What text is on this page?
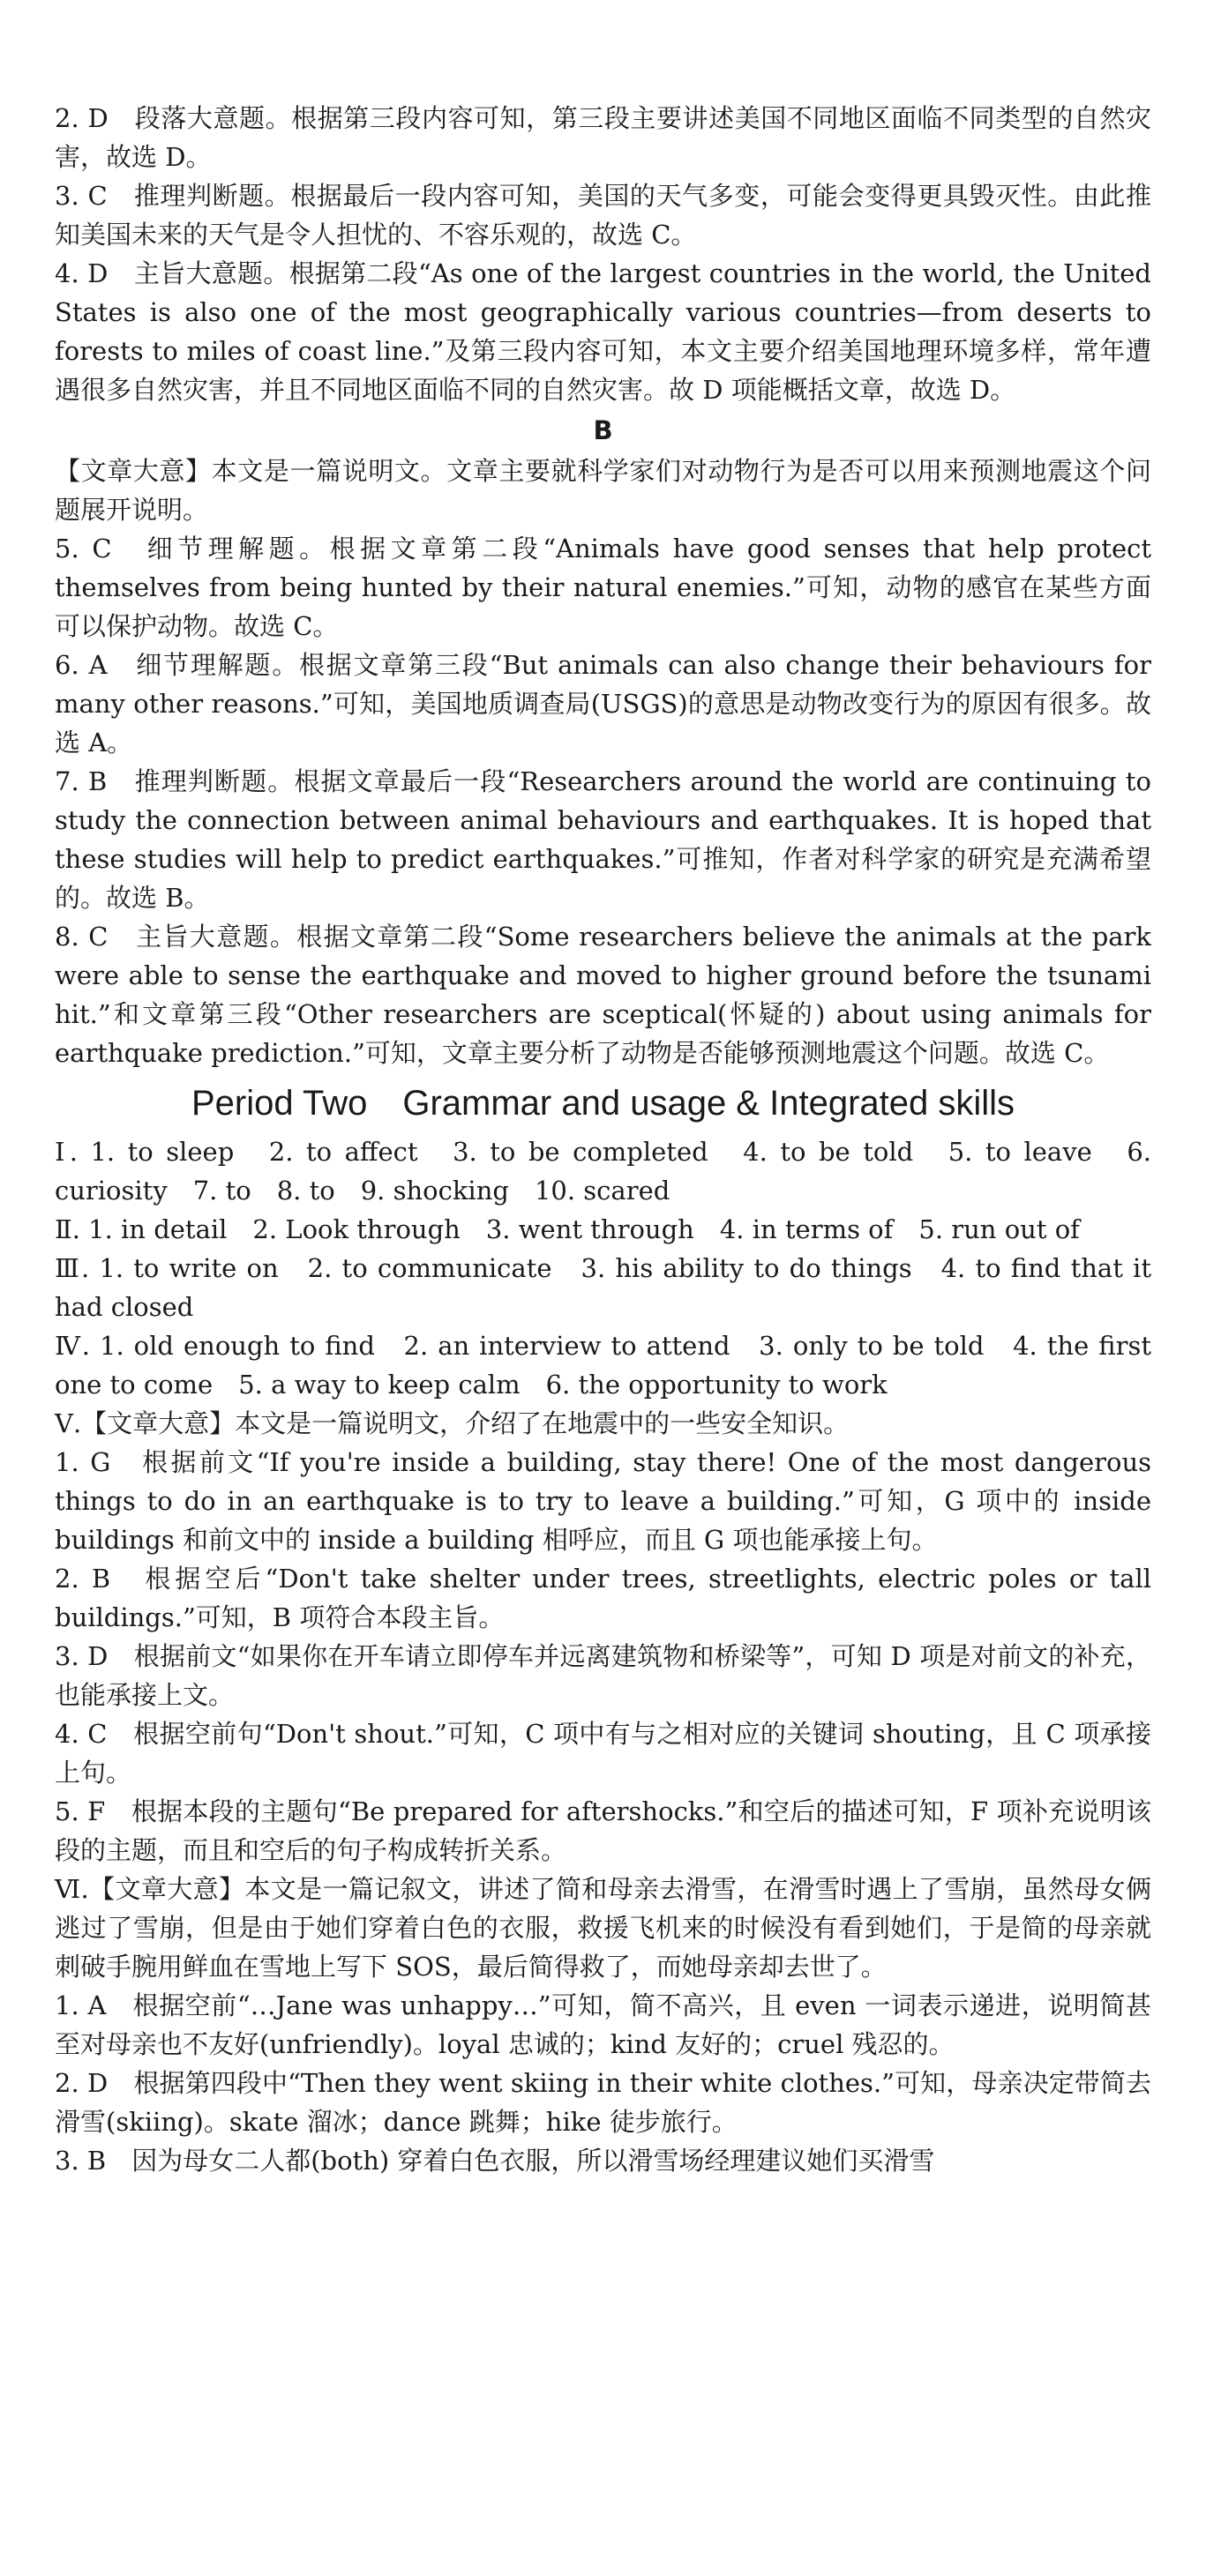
2. D　段落大意题。根据第三段内容可知，第三段主要讲述美国不同地区面临不同类型的自然灾害，故选 D。

3. C　推理判断题。根据最后一段内容可知，美国的天气多变，可能会变得更具毁灭性。由此推知美国未来的天气是令人担忧的、不容乐观的，故选 C。

4. D　主旨大意题。根据第二段“As one of the largest countries in the world, the United States is also one of the most geographically various countries—from deserts to forests to miles of coast line.”及第三段内容可知，本文主要介绍美国地理环境多样，常年遭遇很多自然灾害，并且不同地区面临不同的自然灾害。故 D 项能概括文章，故选 D。

B

【文章大意】本文是一篇说明文。文章主要就科学家们对动物行为是否可以用来预测地震这个问题展开说明。

5. C　细节理解题。根据文章第二段“Animals have good senses that help protect themselves from being hunted by their natural enemies.”可知，动物的感官在某些方面可以保护动物。故选 C。

6. A　细节理解题。根据文章第三段“But animals can also change their behaviours for many other reasons.”可知，美国地质调查局(USGS)的意思是动物改变行为的原因有很多。故选 A。

7. B　推理判断题。根据文章最后一段“Researchers around the world are continuing to study the connection between animal behaviours and earthquakes. It is hoped that these studies will help to predict earthquakes.”可推知，作者对科学家的研究是充满希望的。故选 B。

8. C　主旨大意题。根据文章第二段“Some researchers believe the animals at the park were able to sense the earthquake and moved to higher ground before the tsunami hit.”和文章第三段“Other researchers are sceptical(怀疑的) about using animals for earthquake prediction.”可知，文章主要分析了动物是否能够预测地震这个问题。故选 C。

Period Two　Grammar and usage & Integrated skills

Ⅰ. 1. to sleep　2. to affect　3. to be completed　4. to be told　5. to leave　6. curiosity　7. to　8. to　9. shocking　10. scared

Ⅱ. 1. in detail　2. Look through　3. went through　4. in terms of　5. run out of

Ⅲ. 1. to write on　2. to communicate　3. his ability to do things　4. to find that it had closed

Ⅳ. 1. old enough to find　2. an interview to attend　3. only to be told　4. the first one to come　5. a way to keep calm　6. the opportunity to work

Ⅴ.【文章大意】本文是一篇说明文，介绍了在地震中的一些安全知识。

1. G　根据前文“If you're inside a building, stay there! One of the most dangerous things to do in an earthquake is to try to leave a building.”可知，G 项中的 inside buildings 和前文中的 inside a building 相呼应，而且 G 项也能承接上句。

2. B　根据空后“Don't take shelter under trees, streetlights, electric poles or tall buildings.”可知，B 项符合本段主旨。

3. D　根据前文“如果你在开车请立即停车并远离建筑物和桥梁等”，可知 D 项是对前文的补充，也能承接上文。

4. C　根据空前句“Don't shout.”可知，C 项中有与之相对应的关键词 shouting，且 C 项承接上句。

5. F　根据本段的主题句“Be prepared for aftershocks.”和空后的描述可知，F 项补充说明该段的主题，而且和空后的句子构成转折关系。

Ⅵ.【文章大意】本文是一篇记叙文，讲述了简和母亲去滑雪，在滑雪时遇上了雪崩，虽然母女俩逃过了雪崩，但是由于她们穿着白色的衣服，救援飞机来的时候没有看到她们，于是简的母亲就刺破手腕用鲜血在雪地上写下 SOS，最后简得救了，而她母亲却去世了。

1. A　根据空前“…Jane was unhappy…”可知，简不高兴，且 even 一词表示递进，说明简甚至对母亲也不友好(unfriendly)。loyal 忠诚的；kind 友好的；cruel 残忍的。

2. D　根据第四段中“Then they went skiing in their white clothes.”可知，母亲决定带简去滑雪(skiing)。skate 溜冰；dance 跳舞；hike 徒步旅行。

3. B　因为母女二人都(both) 穿着白色衣服，所以滑雪场经理建议她们买滑雪
